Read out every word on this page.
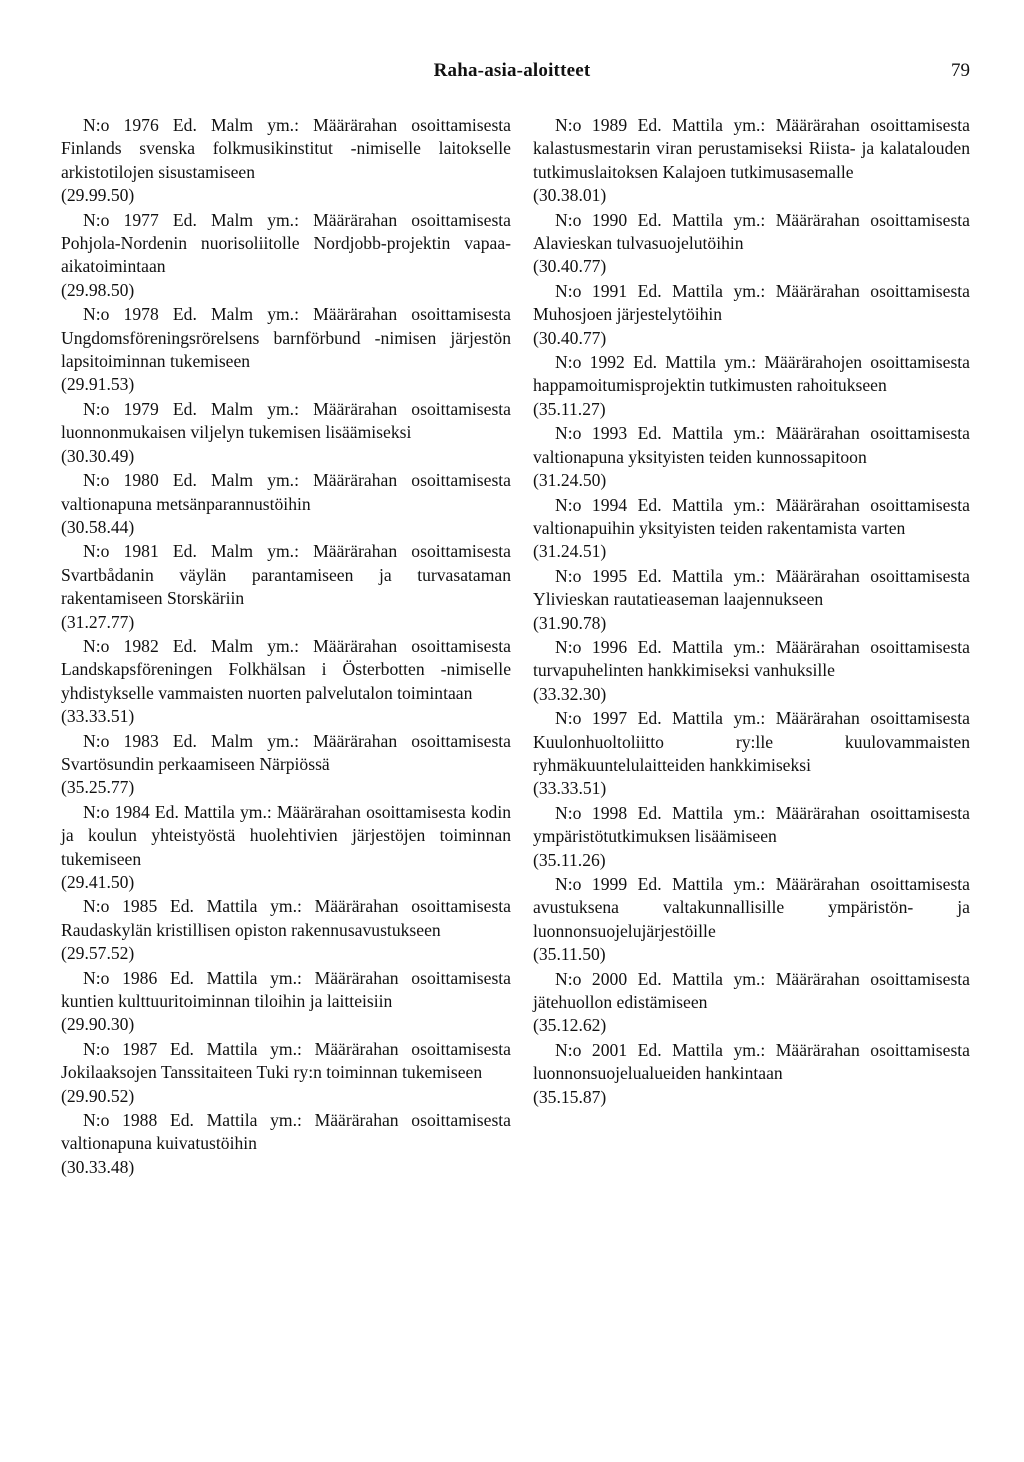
Raha-asia-aloitteet	79
N:o 1976 Ed. Malm ym.: Määrärahan osoittamisesta Finlands svenska folkmusikinstitut -nimiselle laitokselle arkistotilojen sisustamiseen
(29.99.50)
N:o 1977 Ed. Malm ym.: Määrärahan osoittamisesta Pohjola-Nordenin nuorisoliitolle Nordjobb-projektin vapaa-aikatoimintaan
(29.98.50)
N:o 1978 Ed. Malm ym.: Määrärahan osoittamisesta Ungdomsföreningsrörelsens barnförbund -nimisen järjestön lapsitoiminnan tukemiseen
(29.91.53)
N:o 1979 Ed. Malm ym.: Määrärahan osoittamisesta luonnonmukaisen viljelyn tukemisen lisäämiseksi
(30.30.49)
N:o 1980 Ed. Malm ym.: Määrärahan osoittamisesta valtionapuna metsänparannustöihin
(30.58.44)
N:o 1981 Ed. Malm ym.: Määrärahan osoittamisesta Svartbådanin väylän parantamiseen ja turvasataman rakentamiseen Storskäriin
(31.27.77)
N:o 1982 Ed. Malm ym.: Määrärahan osoittamisesta Landskapsföreningen Folkhälsan i Österbotten -nimiselle yhdistykselle vammaisten nuorten palvelutalon toimintaan
(33.33.51)
N:o 1983 Ed. Malm ym.: Määrärahan osoittamisesta Svartösundin perkaamiseen Närpiössä
(35.25.77)
N:o 1984 Ed. Mattila ym.: Määrärahan osoittamisesta kodin ja koulun yhteistyöstä huolehtivien järjestöjen toiminnan tukemiseen
(29.41.50)
N:o 1985 Ed. Mattila ym.: Määrärahan osoittamisesta Raudaskylän kristillisen opiston rakennusavustukseen
(29.57.52)
N:o 1986 Ed. Mattila ym.: Määrärahan osoittamisesta kuntien kulttuuritoiminnan tiloihin ja laitteisiin
(29.90.30)
N:o 1987 Ed. Mattila ym.: Määrärahan osoittamisesta Jokilaaksojen Tanssitaiteen Tuki ry:n toiminnan tukemiseen
(29.90.52)
N:o 1988 Ed. Mattila ym.: Määrärahan osoittamisesta valtionapuna kuivatustöihin
(30.33.48)
N:o 1989 Ed. Mattila ym.: Määrärahan osoittamisesta kalastusmestarin viran perustamiseksi Riista- ja kalatalouden tutkimuslaitoksen Kalajoen tutkimusasemalle
(30.38.01)
N:o 1990 Ed. Mattila ym.: Määrärahan osoittamisesta Alavieskan tulvasuojelutöihin
(30.40.77)
N:o 1991 Ed. Mattila ym.: Määrärahan osoittamisesta Muhosjoen järjestelytöihin
(30.40.77)
N:o 1992 Ed. Mattila ym.: Määrärahojen osoittamisesta happamoitumisprojektin tutkimusten rahoitukseen
(35.11.27)
N:o 1993 Ed. Mattila ym.: Määrärahan osoittamisesta valtionapuna yksityisten teiden kunnossapitoon
(31.24.50)
N:o 1994 Ed. Mattila ym.: Määrärahan osoittamisesta valtionapuihin yksityisten teiden rakentamista varten
(31.24.51)
N:o 1995 Ed. Mattila ym.: Määrärahan osoittamisesta Ylivieskan rautatieaseman laajennukseen
(31.90.78)
N:o 1996 Ed. Mattila ym.: Määrärahan osoittamisesta turvapuhelinten hankkimiseksi vanhuksille
(33.32.30)
N:o 1997 Ed. Mattila ym.: Määrärahan osoittamisesta Kuulonhuoltoliitto ry:lle kuulovammaisten ryhmäkuuntelulaitteiden hankkimiseksi
(33.33.51)
N:o 1998 Ed. Mattila ym.: Määrärahan osoittamisesta ympäristötutkimuksen lisäämiseen
(35.11.26)
N:o 1999 Ed. Mattila ym.: Määrärahan osoittamisesta avustuksena valtakunnallisille ympäristön- ja luonnonsuojelujärjestöille
(35.11.50)
N:o 2000 Ed. Mattila ym.: Määrärahan osoittamisesta jätehuollon edistämiseen
(35.12.62)
N:o 2001 Ed. Mattila ym.: Määrärahan osoittamisesta luonnonsuojelualueiden hankintaan
(35.15.87)
